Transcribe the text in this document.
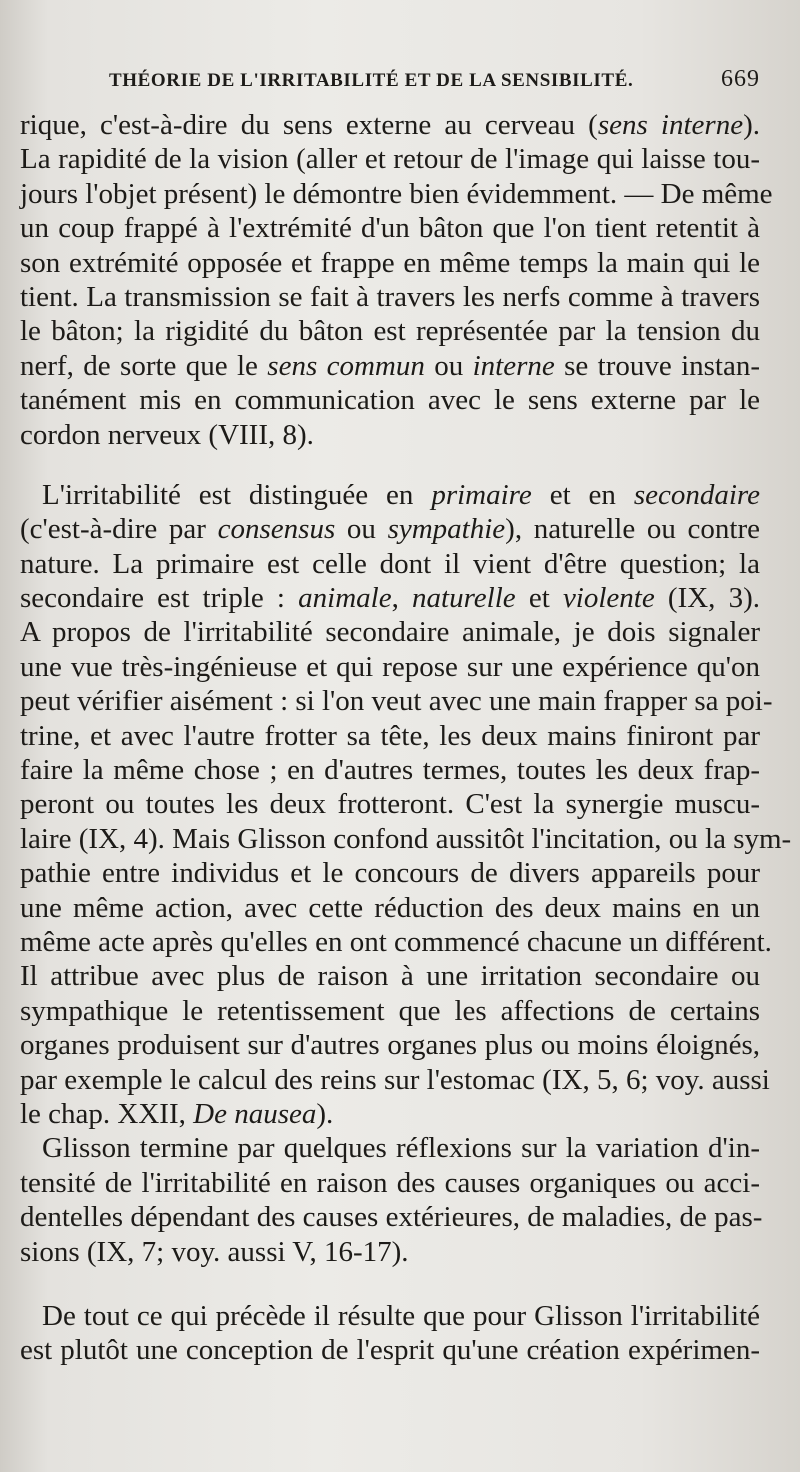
THÉORIE DE L'IRRITABILITÉ ET DE LA SENSIBILITÉ.	669
rique, c'est-à-dire du sens externe au cerveau (sens interne).
La rapidité de la vision (aller et retour de l'image qui laisse tou-
jours l'objet présent) le démontre bien évidemment. — De même
un coup frappé à l'extrémité d'un bâton que l'on tient retentit à
son extrémité opposée et frappe en même temps la main qui le
tient. La transmission se fait à travers les nerfs comme à travers
le bâton; la rigidité du bâton est représentée par la tension du
nerf, de sorte que le sens commun ou interne se trouve instan-
tanément mis en communication avec le sens externe par le
cordon nerveux (VIII, 8).
L'irritabilité est distinguée en primaire et en secondaire
(c'est-à-dire par consensus ou sympathie), naturelle ou contre
nature. La primaire est celle dont il vient d'être question; la
secondaire est triple : animale, naturelle et violente (IX, 3).
A propos de l'irritabilité secondaire animale, je dois signaler
une vue très-ingénieuse et qui repose sur une expérience qu'on
peut vérifier aisément : si l'on veut avec une main frapper sa poi-
trine, et avec l'autre frotter sa tête, les deux mains finiront par
faire la même chose ; en d'autres termes, toutes les deux frap-
peront ou toutes les deux frotteront. C'est la synergie muscu-
laire (IX, 4). Mais Glisson confond aussitôt l'incitation, ou la sym-
pathie entre individus et le concours de divers appareils pour
une même action, avec cette réduction des deux mains en un
même acte après qu'elles en ont commencé chacune un différent.
Il attribue avec plus de raison à une irritation secondaire ou
sympathique le retentissement que les affections de certains
organes produisent sur d'autres organes plus ou moins éloignés,
par exemple le calcul des reins sur l'estomac (IX, 5, 6; voy. aussi
le chap. XXII, De nausea).
Glisson termine par quelques réflexions sur la variation d'in-
tensité de l'irritabilité en raison des causes organiques ou acci-
dentelles dépendant des causes extérieures, de maladies, de pas-
sions (IX, 7; voy. aussi V, 16-17).
De tout ce qui précède il résulte que pour Glisson l'irritabilité
est plutôt une conception de l'esprit qu'une création expérimen-
